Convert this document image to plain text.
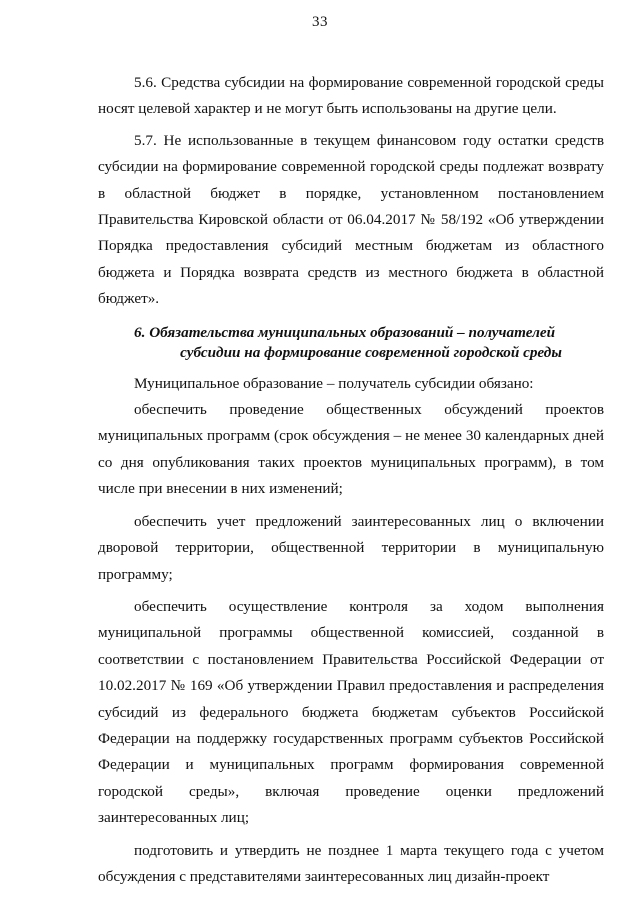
33

5.6. Средства субсидии на формирование современной городской среды носят целевой характер и не могут быть использованы на другие цели.

5.7. Не использованные в текущем финансовом году остатки средств субсидии на формирование современной городской среды подлежат возврату в областной бюджет в порядке, установленном постановлением Правительства Кировской области от 06.04.2017 № 58/192 «Об утверждении Порядка предоставления субсидий местным бюджетам из областного бюджета и Порядка возврата средств из местного бюджета в областной бюджет».

6. Обязательства муниципальных образований – получателей
субсидии на формирование современной городской среды

Муниципальное образование – получатель субсидии обязано:

обеспечить проведение общественных обсуждений проектов муниципальных программ (срок обсуждения – не менее 30 календарных дней со дня опубликования таких проектов муниципальных программ), в том числе при внесении в них изменений;

обеспечить учет предложений заинтересованных лиц о включении дворовой территории, общественной территории в муниципальную программу;

обеспечить осуществление контроля за ходом выполнения муниципальной программы общественной комиссией, созданной в соответствии с постановлением Правительства Российской Федерации от 10.02.2017 № 169 «Об утверждении Правил предоставления и распределения субсидий из федерального бюджета бюджетам субъектов Российской Федерации на поддержку государственных программ субъектов Российской Федерации и муниципальных программ формирования современной городской среды», включая проведение оценки предложений заинтересованных лиц;

подготовить и утвердить не позднее 1 марта текущего года с учетом обсуждения с представителями заинтересованных лиц дизайн-проект
